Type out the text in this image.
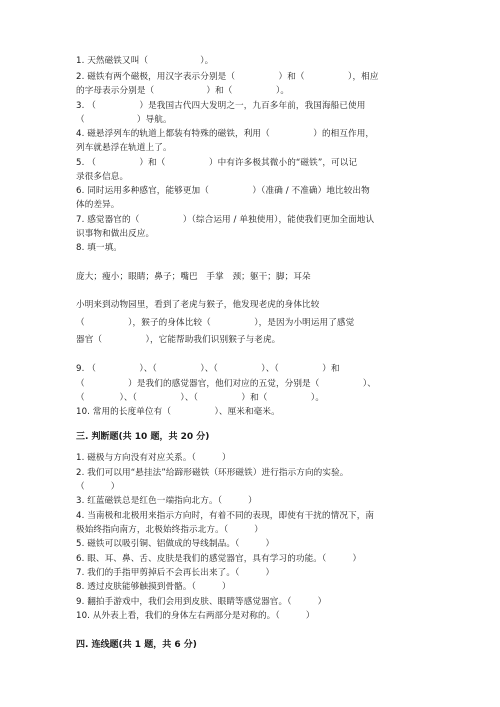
1. 天然磁铁又叫（　　　　　　）。
2. 磁铁有两个磁极，用汉字表示分别是（　　　　　）和（　　　　　），相应
的字母表示分别是（　　　　　　）和（　　　　　）。
3. （　　　　　）是我国古代四大发明之一，九百多年前，我国海船已使用
（　　　　　　）导航。
4. 磁悬浮列车的轨道上都装有特殊的磁铁，利用（　　　　　）的相互作用，
列车就悬浮在轨道上了。
5. （　　　　　）和（　　　　　）中有许多极其微小的“磁铁”，可以记
录很多信息。
6. 同时运用多种感官，能够更加（　　　　　）（准确 / 不准确）地比较出物
体的差异。
7. 感觉器官的（　　　　　）（综合运用 / 单独使用），能使我们更加全面地认
识事物和做出反应。
8. 填一填。
庞大；瘦小；眼睛；鼻子；嘴巴　手掌　颈；躯干；脚；耳朵
小明来到动物园里，看到了老虎与猴子，他发现老虎的身体比较
（　　　　　），猴子的身体比较（　　　　　），是因为小明运用了感觉
器官（　　　　　），它能帮助我们识别猴子与老虎。
9. （　　　　　）、（　　　　　）、（　　　　　）、（　　　　　）和
（　　　　　）是我们的感觉器官，他们对应的五觉，分别是（　　　　　）、
（　　　　）、（　　　　　）、（　　　　　）和（　　　　　）。
10. 常用的长度单位有（　　　　　）、厘米和毫米。
三. 判断题(共 10 题，共 20 分)
1. 磁极与方向没有对应关系。（　　　）
2. 我们可以用“悬挂法”给蹄形磁铁（环形磁铁）进行指示方向的实验。
（　　　）
3. 红蓝磁铁总是红色一端指向北方。（　　　）
4. 当南极和北极用来指示方向时，有着不同的表现，即使有干扰的情况下，南
极始终指向南方，北极始终指示北方。（　　　）
5. 磁铁可以吸引铜、铝做成的导线制品。（　　　）
6. 眼、耳、鼻、舌、皮肤是我们的感觉器官，具有学习的功能。（　　　）
7. 我们的手指甲剪掉后不会再长出来了。（　　　）
8. 透过皮肤能够触摸到骨骼。（　　　）
9. 翻拍手游戏中，我们会用到皮肤、眼睛等感觉器官。（　　　）
10. 从外表上看，我们的身体左右两部分是对称的。（　　　）
四. 连线题(共 1 题，共 6 分)
